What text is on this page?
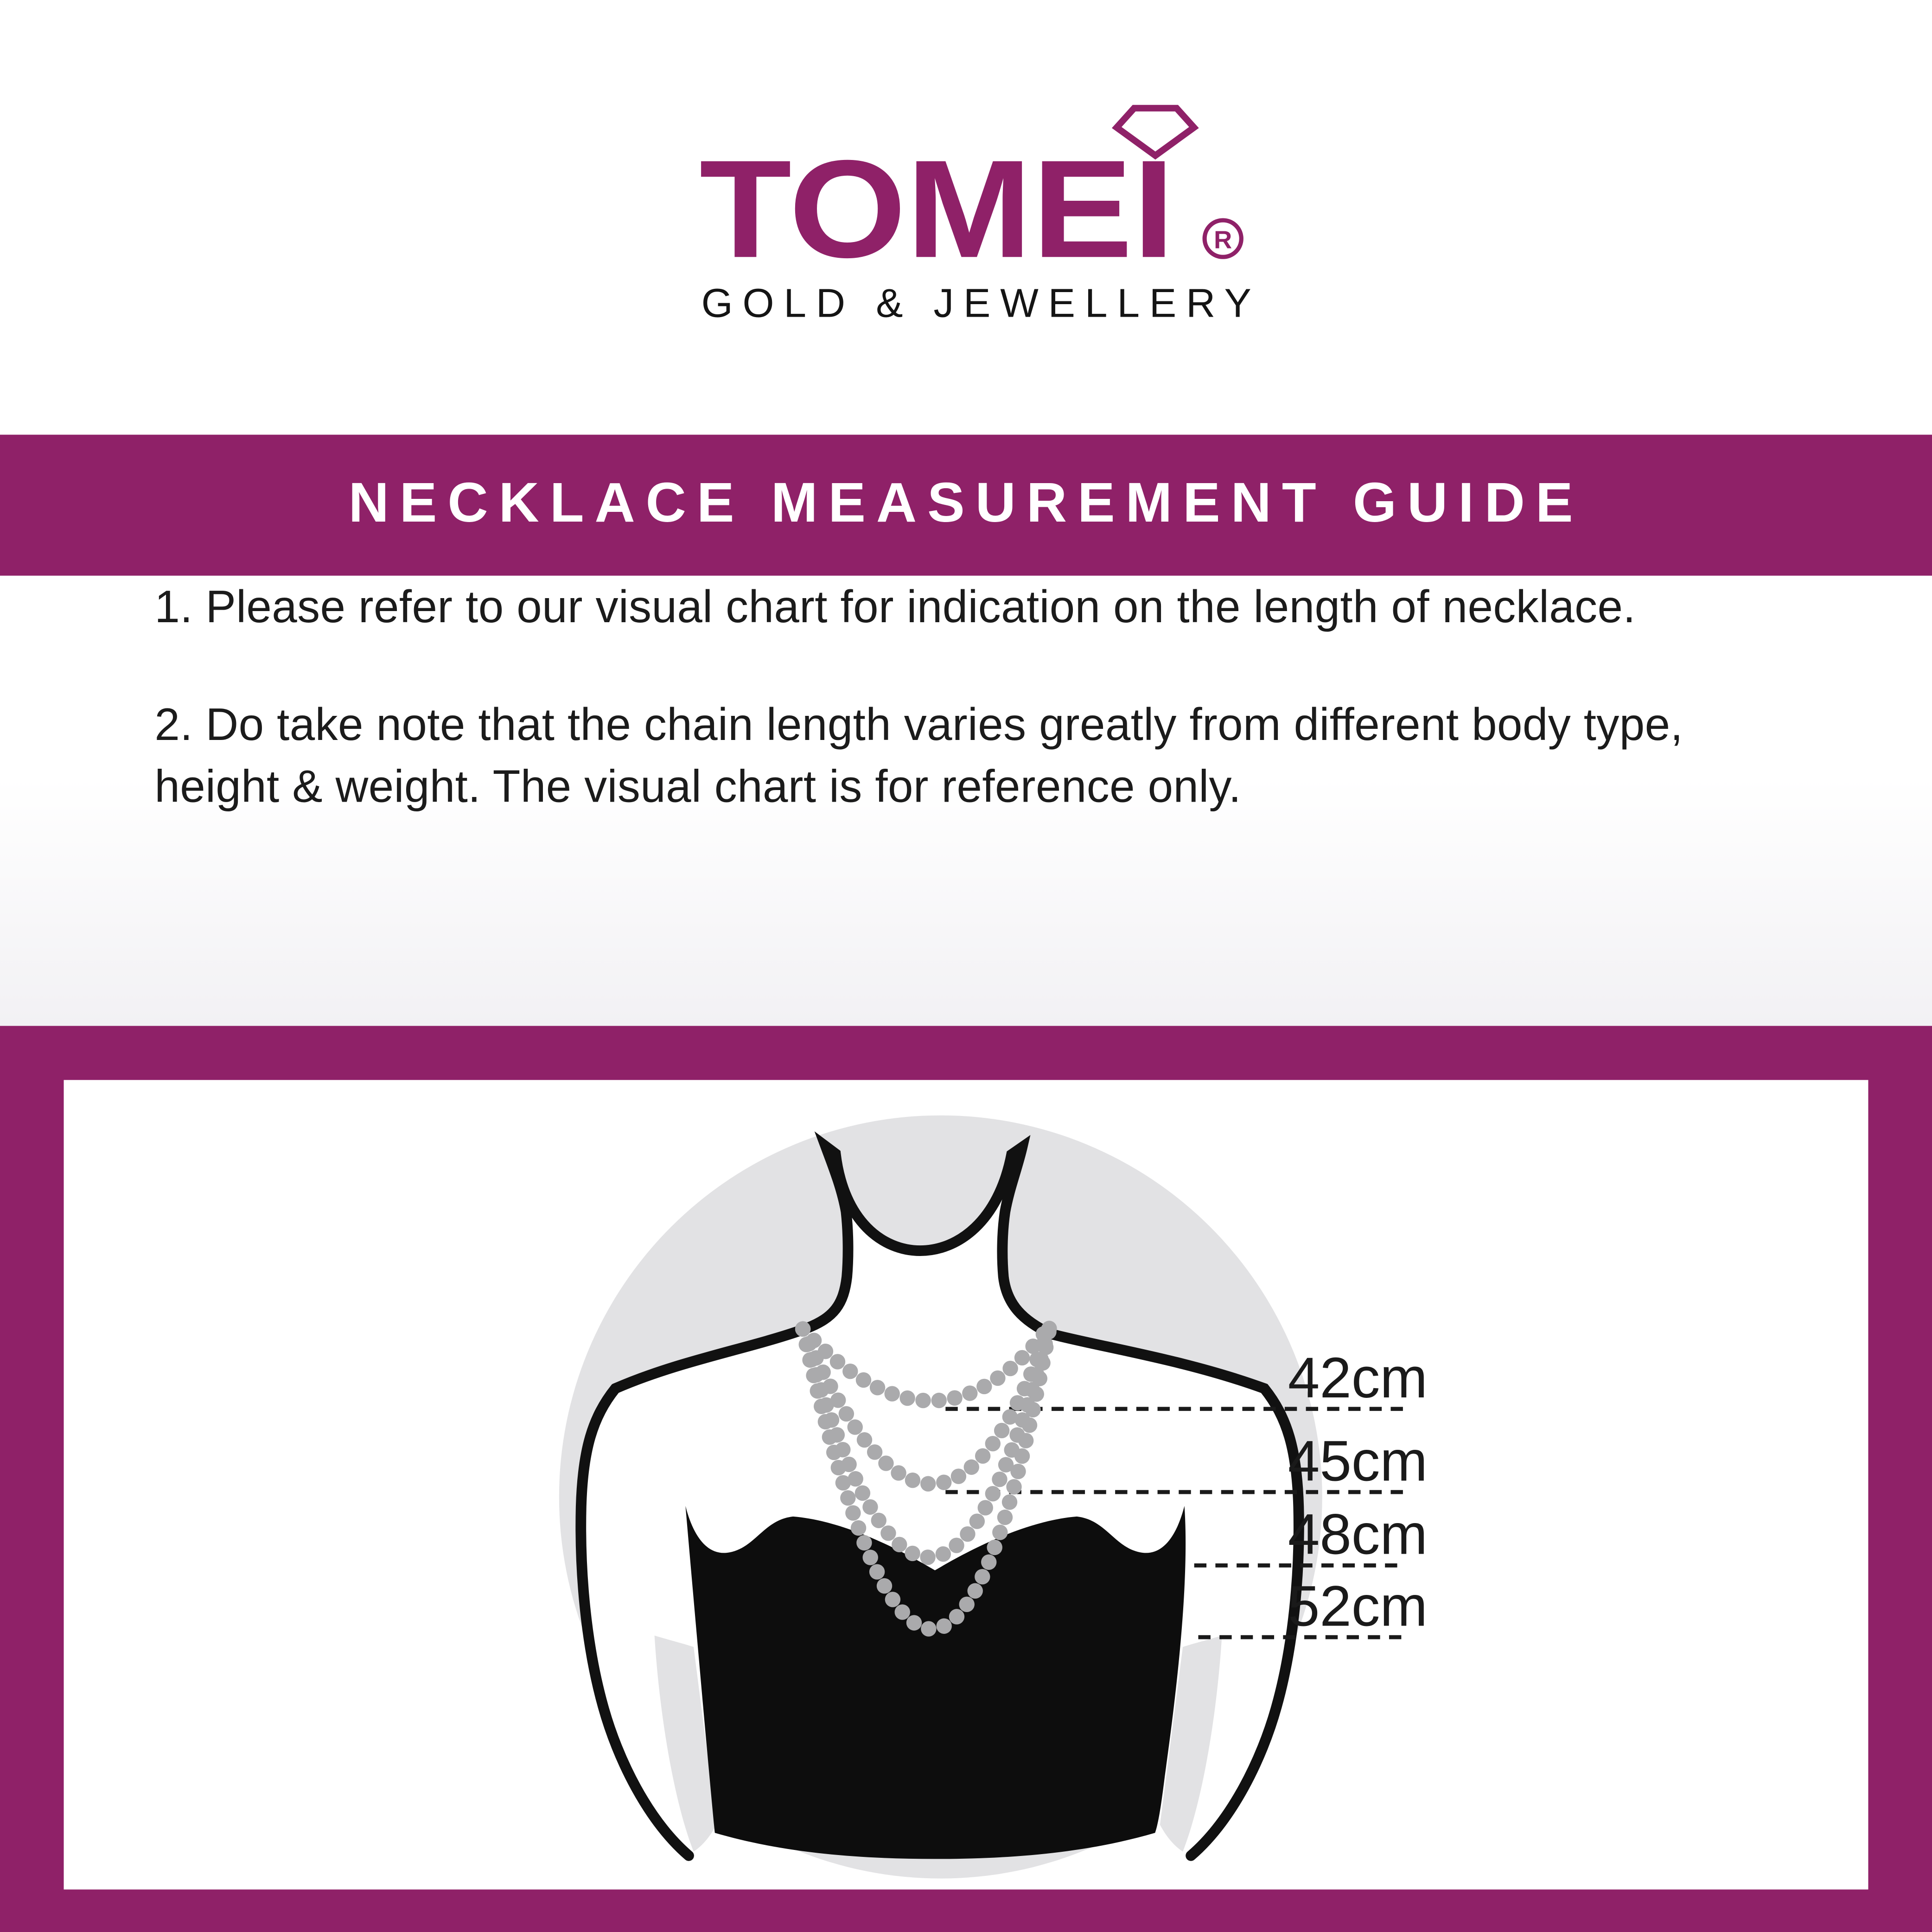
TOMEI	R
GOLD & JEWELLERY
NECKLACE MEASUREMENT GUIDE

1. Please refer to our visual chart for indication on the length of necklace.

2. Do take note that the chain length varies greatly from different body type, height & weight. The visual chart is for reference only.

42cm
45cm
48cm
52cm
